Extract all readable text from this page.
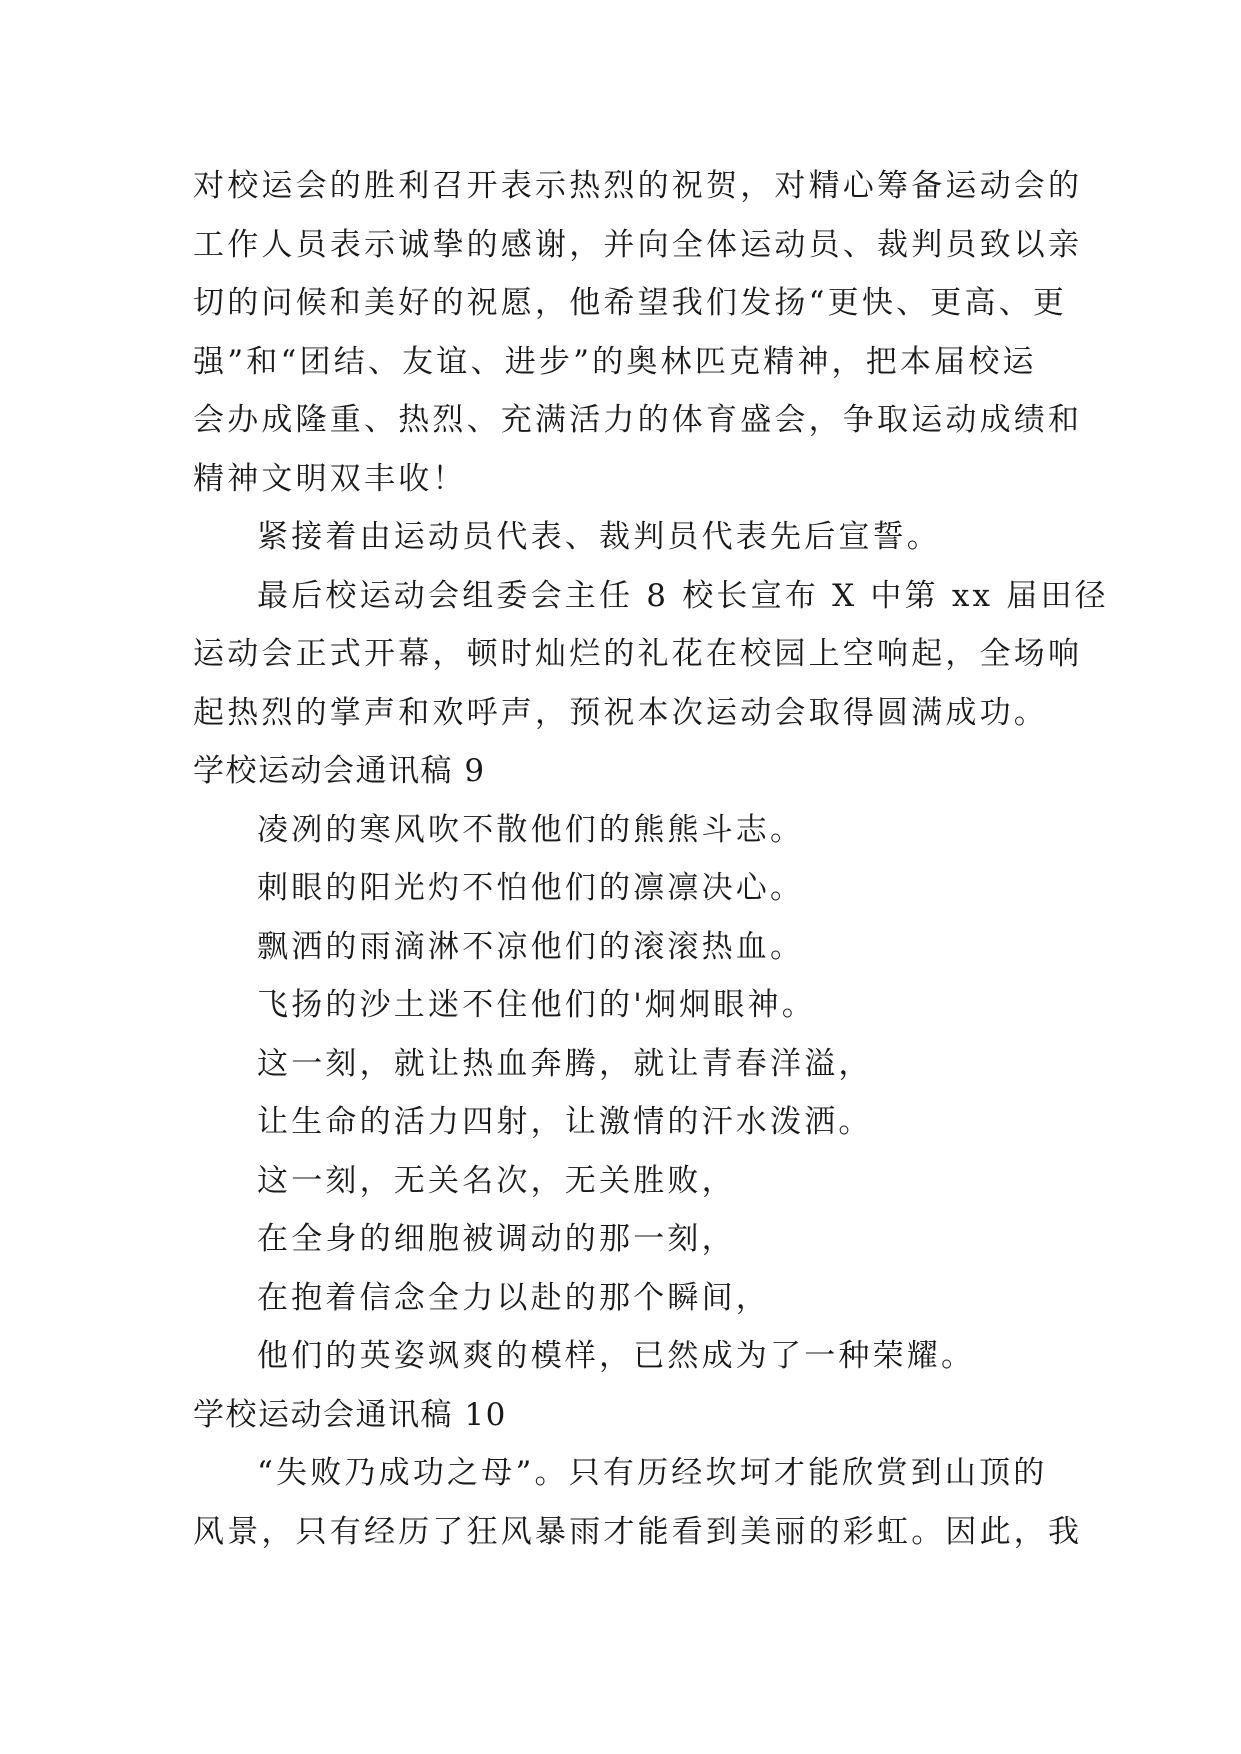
对校运会的胜利召开表示热烈的祝贺，对精心筹备运动会的
工作人员表示诚挚的感谢，并向全体运动员、裁判员致以亲
切的问候和美好的祝愿，他希望我们发扬“更快、更高、更
强”和“团结、友谊、进步”的奥林匹克精神，把本届校运
会办成隆重、热烈、充满活力的体育盛会，争取运动成绩和
精神文明双丰收！
紧接着由运动员代表、裁判员代表先后宣誓。
最后校运动会组委会主任 8 校长宣布 X 中第 xx 届田径
运动会正式开幕，顿时灿烂的礼花在校园上空响起，全场响
起热烈的掌声和欢呼声，预祝本次运动会取得圆满成功。
学校运动会通讯稿 9
凌冽的寒风吹不散他们的熊熊斗志。
刺眼的阳光灼不怕他们的凛凛决心。
飘洒的雨滴淋不凉他们的滚滚热血。
飞扬的沙土迷不住他们的'炯炯眼神。
这一刻，就让热血奔腾，就让青春洋溢，
让生命的活力四射，让激情的汗水泼洒。
这一刻，无关名次，无关胜败，
在全身的细胞被调动的那一刻，
在抱着信念全力以赴的那个瞬间，
他们的英姿飒爽的模样，已然成为了一种荣耀。
学校运动会通讯稿 10
“失败乃成功之母”。只有历经坎坷才能欣赏到山顶的
风景，只有经历了狂风暴雨才能看到美丽的彩虹。因此，我
